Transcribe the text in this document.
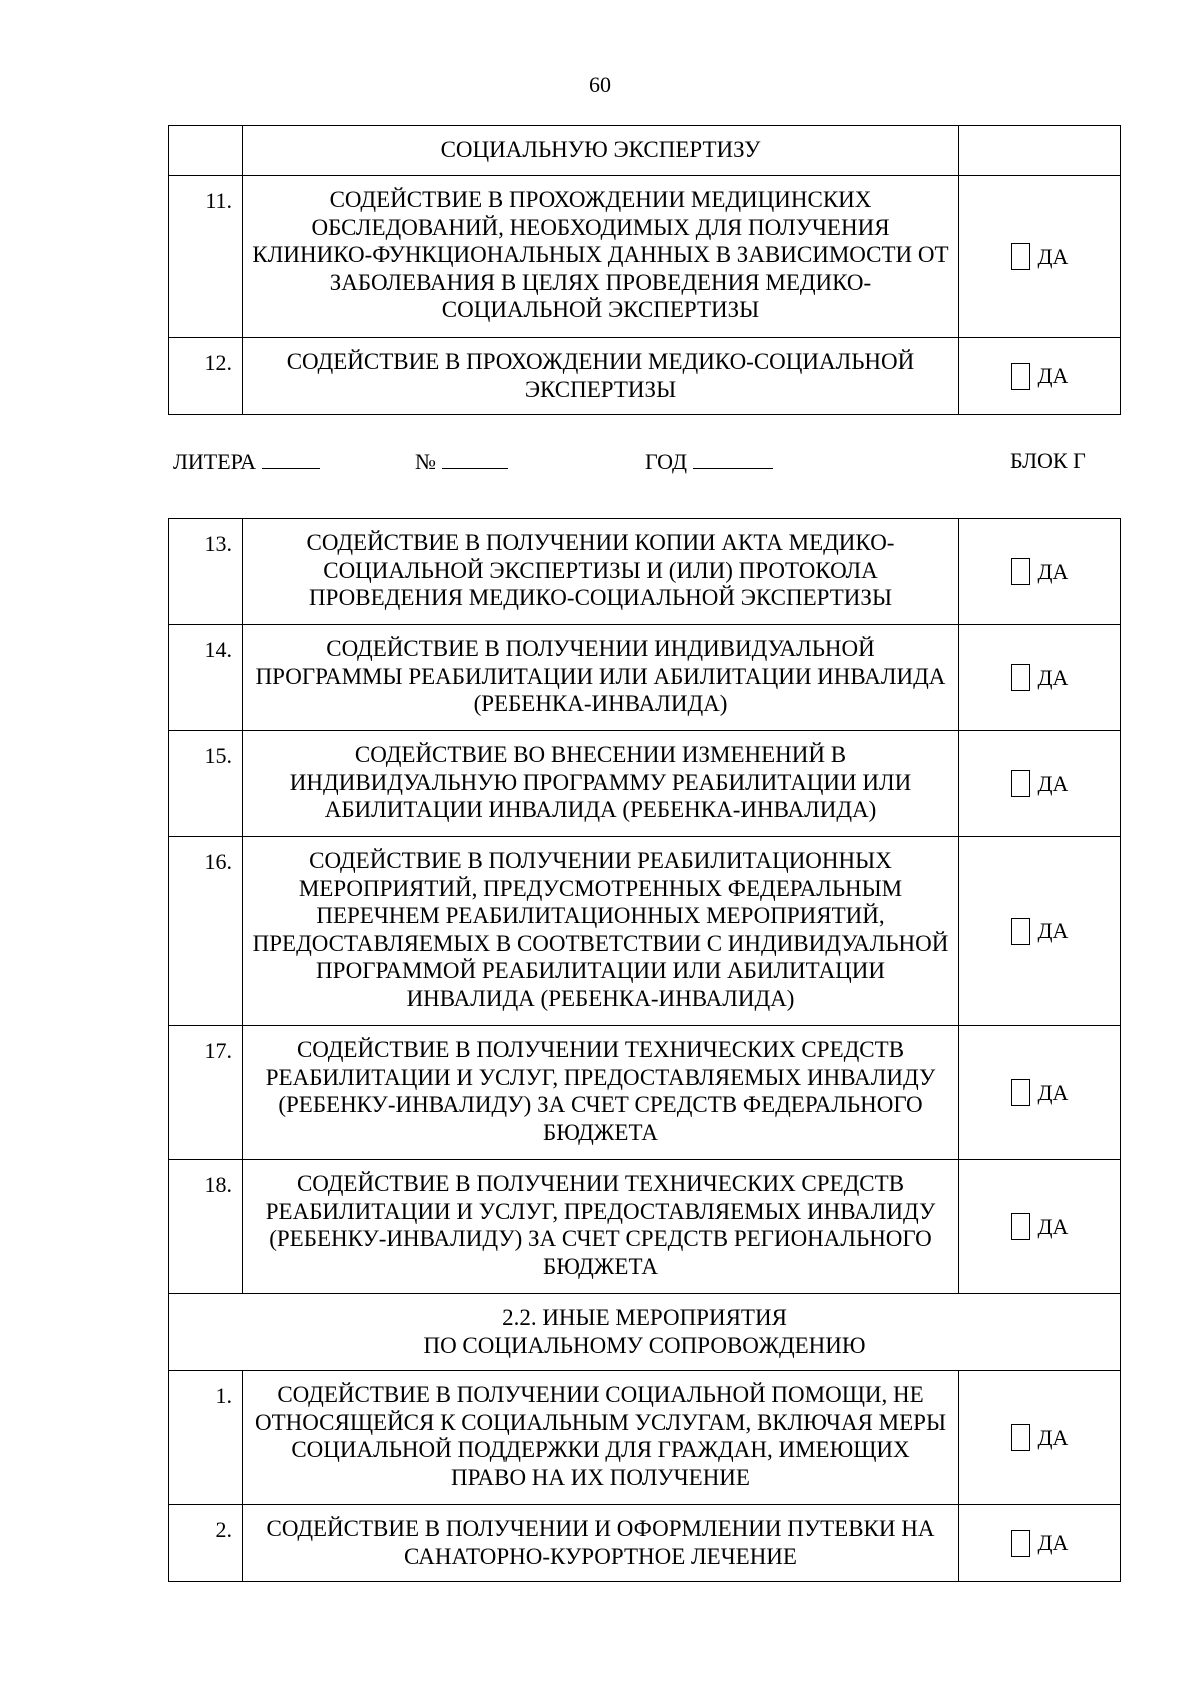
60
	СОЦИАЛЬНУЮ ЭКСПЕРТИЗУ	
11.	СОДЕЙСТВИЕ В ПРОХОЖДЕНИИ МЕДИЦИНСКИХ ОБСЛЕДОВАНИЙ, НЕОБХОДИМЫХ ДЛЯ ПОЛУЧЕНИЯ КЛИНИКО-ФУНКЦИОНАЛЬНЫХ ДАННЫХ В ЗАВИСИМОСТИ ОТ ЗАБОЛЕВАНИЯ В ЦЕЛЯХ ПРОВЕДЕНИЯ МЕДИКО-СОЦИАЛЬНОЙ ЭКСПЕРТИЗЫ	ДА

12.	СОДЕЙСТВИЕ В ПРОХОЖДЕНИИ МЕДИКО-СОЦИАЛЬНОЙ ЭКСПЕРТИЗЫ	ДА
ЛИТЕРА	№	ГОД	БЛОК Г
13.	СОДЕЙСТВИЕ В ПОЛУЧЕНИИ КОПИИ АКТА МЕДИКО-СОЦИАЛЬНОЙ ЭКСПЕРТИЗЫ И (ИЛИ) ПРОТОКОЛА ПРОВЕДЕНИЯ МЕДИКО-СОЦИАЛЬНОЙ ЭКСПЕРТИЗЫ	ДА

14.	СОДЕЙСТВИЕ В ПОЛУЧЕНИИ ИНДИВИДУАЛЬНОЙ ПРОГРАММЫ РЕАБИЛИТАЦИИ ИЛИ АБИЛИТАЦИИ ИНВАЛИДА (РЕБЕНКА-ИНВАЛИДА)	ДА

15.	СОДЕЙСТВИЕ ВО ВНЕСЕНИИ ИЗМЕНЕНИЙ В ИНДИВИДУАЛЬНУЮ ПРОГРАММУ РЕАБИЛИТАЦИИ ИЛИ АБИЛИТАЦИИ ИНВАЛИДА (РЕБЕНКА-ИНВАЛИДА)	ДА

16.	СОДЕЙСТВИЕ В ПОЛУЧЕНИИ РЕАБИЛИТАЦИОННЫХ МЕРОПРИЯТИЙ, ПРЕДУСМОТРЕННЫХ ФЕДЕРАЛЬНЫМ ПЕРЕЧНЕМ РЕАБИЛИТАЦИОННЫХ МЕРОПРИЯТИЙ, ПРЕДОСТАВЛЯЕМЫХ В СООТВЕТСТВИИ С ИНДИВИДУАЛЬНОЙ ПРОГРАММОЙ РЕАБИЛИТАЦИИ ИЛИ АБИЛИТАЦИИ ИНВАЛИДА (РЕБЕНКА-ИНВАЛИДА)	ДА

17.	СОДЕЙСТВИЕ В ПОЛУЧЕНИИ ТЕХНИЧЕСКИХ СРЕДСТВ РЕАБИЛИТАЦИИ И УСЛУГ, ПРЕДОСТАВЛЯЕМЫХ ИНВАЛИДУ (РЕБЕНКУ-ИНВАЛИДУ) ЗА СЧЕТ СРЕДСТВ ФЕДЕРАЛЬНОГО БЮДЖЕТА	ДА

18.	СОДЕЙСТВИЕ В ПОЛУЧЕНИИ ТЕХНИЧЕСКИХ СРЕДСТВ РЕАБИЛИТАЦИИ И УСЛУГ, ПРЕДОСТАВЛЯЕМЫХ ИНВАЛИДУ (РЕБЕНКУ-ИНВАЛИДУ) ЗА СЧЕТ СРЕДСТВ РЕГИОНАЛЬНОГО БЮДЖЕТА	ДА

2.2. ИНЫЕ МЕРОПРИЯТИЯ
ПО СОЦИАЛЬНОМУ СОПРОВОЖДЕНИЮ		

1.	СОДЕЙСТВИЕ В ПОЛУЧЕНИИ СОЦИАЛЬНОЙ ПОМОЩИ, НЕ ОТНОСЯЩЕЙСЯ К СОЦИАЛЬНЫМ УСЛУГАМ, ВКЛЮЧАЯ МЕРЫ СОЦИАЛЬНОЙ ПОДДЕРЖКИ ДЛЯ ГРАЖДАН, ИМЕЮЩИХ ПРАВО НА ИХ ПОЛУЧЕНИЕ	ДА

2.	СОДЕЙСТВИЕ В ПОЛУЧЕНИИ И ОФОРМЛЕНИИ ПУТЕВКИ НА САНАТОРНО-КУРОРТНОЕ ЛЕЧЕНИЕ	ДА
